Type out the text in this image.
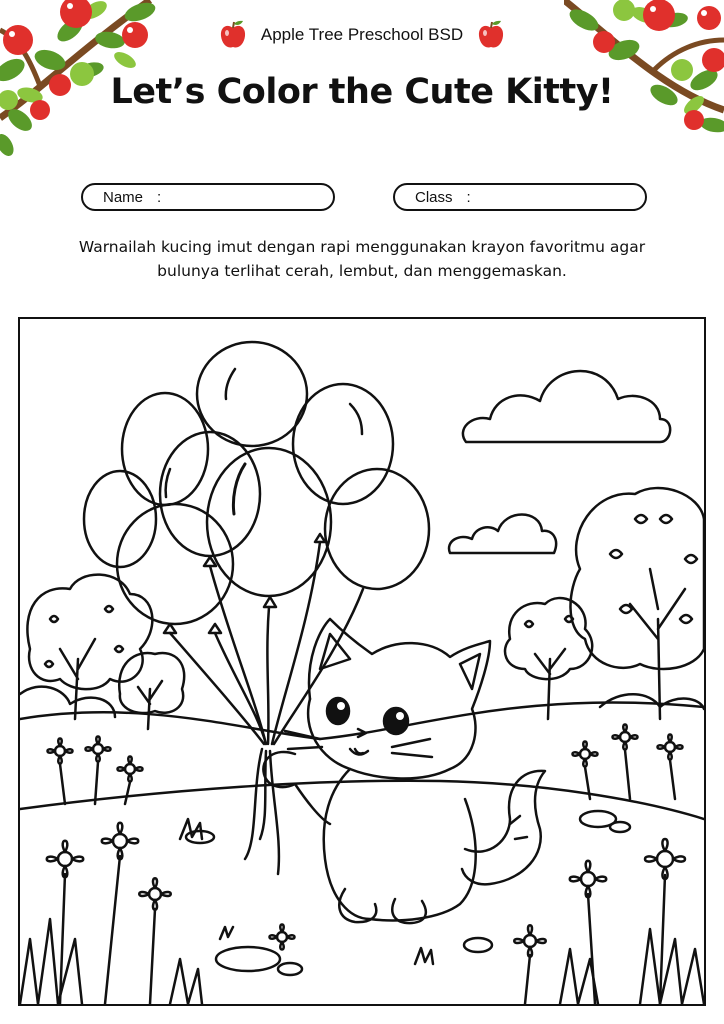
Apple Tree Preschool BSD
Let’s Color the Cute Kitty!
Name :	Class :

Warnailah kucing imut dengan rapi menggunakan krayon favoritmu agar bulunya terlihat cerah, lembut, dan menggemaskan.
